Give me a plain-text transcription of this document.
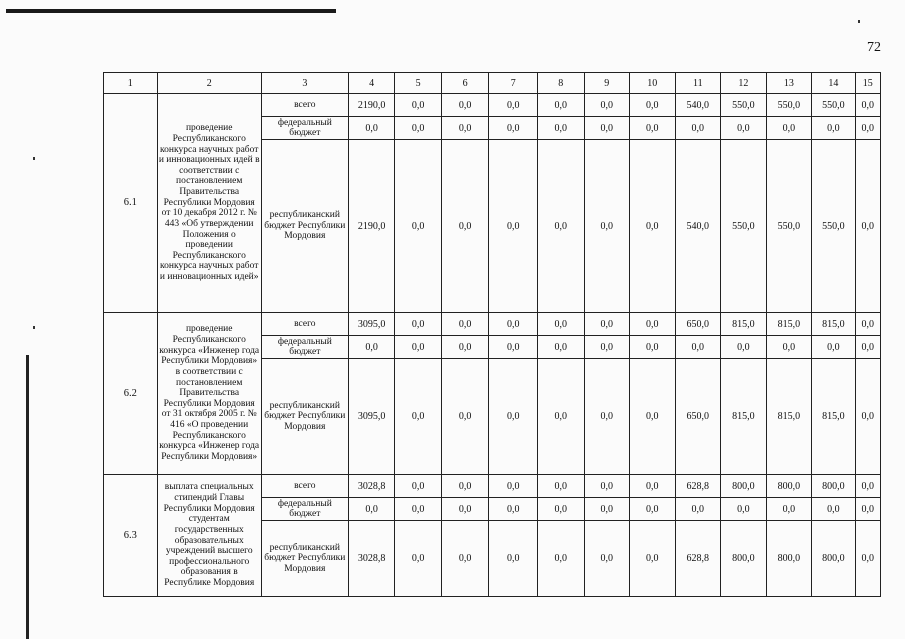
72
1	2	3	4	5	6	7	8	9	10	11	12	13	14	15
6.1	проведение Республиканского конкурса научных работ и инновационных идей в соответствии с постановлением Правительства Республики Мордовия от 10 декабря 2012 г. № 443 «Об утверждении Положения о проведении Республиканского конкурса научных работ и инновационных идей»	всего	2190,0	0,0	0,0	0,0	0,0	0,0	0,0	540,0	550,0	550,0	550,0	0,0
		федеральный бюджет	0,0	0,0	0,0	0,0	0,0	0,0	0,0	0,0	0,0	0,0	0,0	0,0
		республиканский бюджет Республики Мордовия	2190,0	0,0	0,0	0,0	0,0	0,0	0,0	540,0	550,0	550,0	550,0	0,0
6.2	проведение Республиканского конкурса «Инженер года Республики Мордовия» в соответствии с постановлением Правительства Республики Мордовия от 31 октября 2005 г. № 416 «О проведении Республиканского конкурса «Инженер года Республики Мордовия»	всего	3095,0	0,0	0,0	0,0	0,0	0,0	0,0	650,0	815,0	815,0	815,0	0,0
		федеральный бюджет	0,0	0,0	0,0	0,0	0,0	0,0	0,0	0,0	0,0	0,0	0,0	0,0
		республиканский бюджет Республики Мордовия	3095,0	0,0	0,0	0,0	0,0	0,0	0,0	650,0	815,0	815,0	815,0	0,0
6.3	выплата специальных стипендий Главы Республики Мордовия студентам государственных образовательных учреждений высшего профессионального образования в Республике Мордовия	всего	3028,8	0,0	0,0	0,0	0,0	0,0	0,0	628,8	800,0	800,0	800,0	0,0
		федеральный бюджет	0,0	0,0	0,0	0,0	0,0	0,0	0,0	0,0	0,0	0,0	0,0	0,0
		республиканский бюджет Республики Мордовия	3028,8	0,0	0,0	0,0	0,0	0,0	0,0	628,8	800,0	800,0	800,0	0,0
